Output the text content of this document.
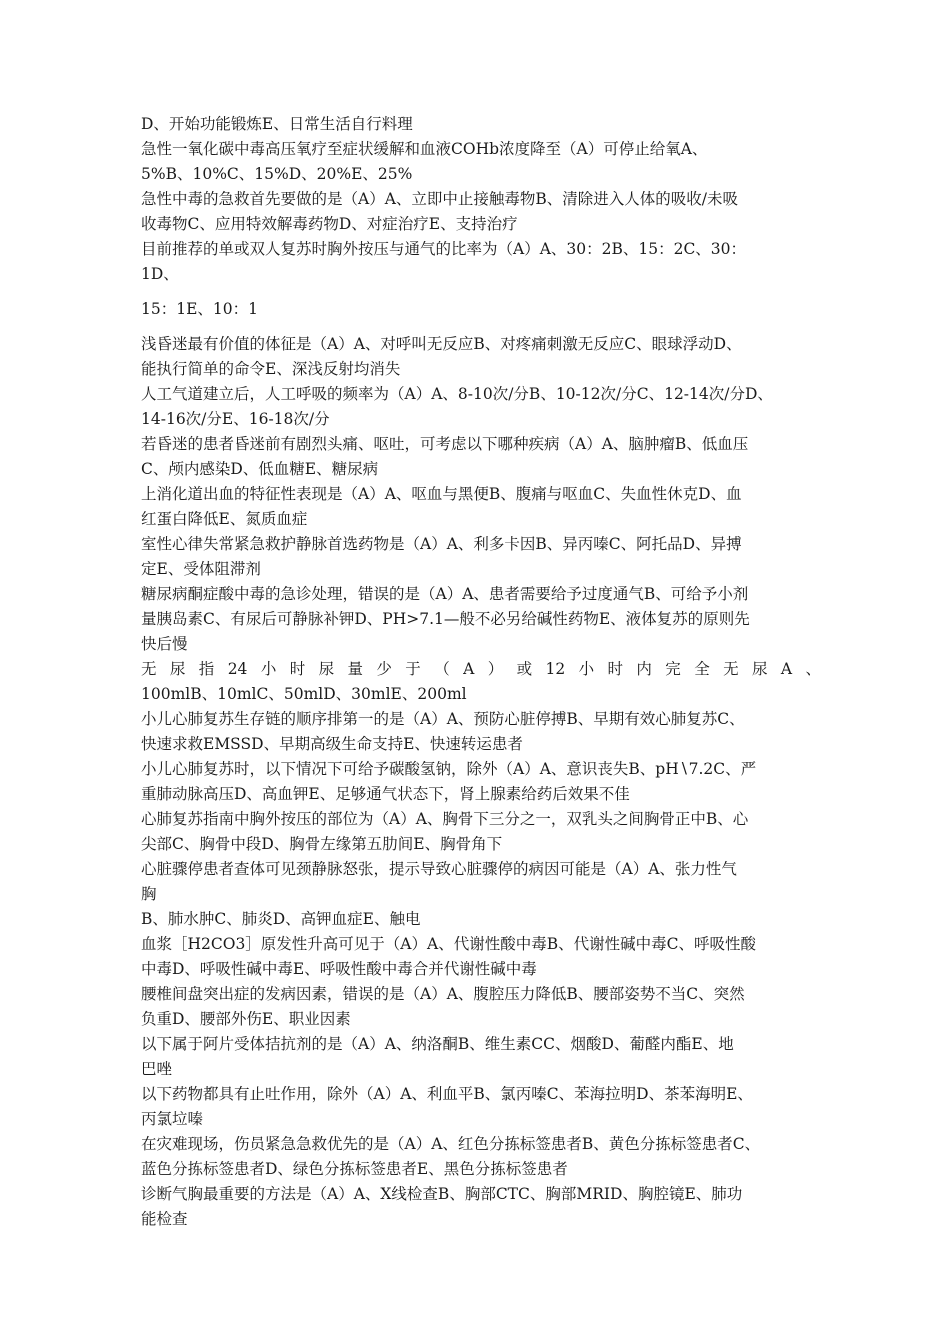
D、开始功能锻炼E、日常生活自行料理

急性一氧化碳中毒高压氧疗至症状缓解和血液COHb浓度降至（A）可停止给氧A、

5%B、10%C、15%D、20%E、25%

急性中毒的急救首先要做的是（A）A、立即中止接触毒物B、清除进入人体的吸收/未吸

收毒物C、应用特效解毒药物D、对症治疗E、支持治疗

目前推荐的单或双人复苏时胸外按压与通气的比率为（A）A、30：2B、15：2C、30：

1D、

15：1E、10：1

浅昏迷最有价值的体征是（A）A、对呼叫无反应B、对疼痛刺激无反应C、眼球浮动D、

能执行简单的命令E、深浅反射均消失

人工气道建立后，人工呼吸的频率为（A）A、8-10次/分B、10-12次/分C、12-14次/分D、

14-16次/分E、16-18次/分

若昏迷的患者昏迷前有剧烈头痛、呕吐，可考虑以下哪种疾病（A）A、脑肿瘤B、低血压

C、颅内感染D、低血糖E、糖尿病

上消化道出血的特征性表现是（A）A、呕血与黑便B、腹痛与呕血C、失血性休克D、血

红蛋白降低E、氮质血症

室性心律失常紧急救护静脉首选药物是（A）A、利多卡因B、异丙嗪C、阿托品D、异搏

定E、受体阻滞剂

糖尿病酮症酸中毒的急诊处理，错误的是（A）A、患者需要给予过度通气B、可给予小剂

量胰岛素C、有尿后可静脉补钾D、PH>7.1—般不必另给碱性药物E、液体复苏的原则先

快后慢

无尿指24小时尿量少于（A）或12小时内完全无尿A、

100mlB、10mlC、50mlD、30mlE、200ml

小儿心肺复苏生存链的顺序排第一的是（A）A、预防心脏停搏B、早期有效心肺复苏C、

快速求救EMSSD、早期高级生命支持E、快速转运患者

小儿心肺复苏时，以下情况下可给予碳酸氢钠，除外（A）A、意识丧失B、pH∖7.2C、严

重肺动脉高压D、高血钾E、足够通气状态下，肾上腺素给药后效果不佳

心肺复苏指南中胸外按压的部位为（A）A、胸骨下三分之一，双乳头之间胸骨正中B、心

尖部C、胸骨中段D、胸骨左缘第五肋间E、胸骨角下

心脏骤停患者查体可见颈静脉怒张，提示导致心脏骤停的病因可能是（A）A、张力性气

胸

B、肺水肿C、肺炎D、高钾血症E、触电

血浆［H2CO3］原发性升高可见于（A）A、代谢性酸中毒B、代谢性碱中毒C、呼吸性酸

中毒D、呼吸性碱中毒E、呼吸性酸中毒合并代谢性碱中毒

腰椎间盘突出症的发病因素，错误的是（A）A、腹腔压力降低B、腰部姿势不当C、突然

负重D、腰部外伤E、职业因素

以下属于阿片受体拮抗剂的是（A）A、纳洛酮B、维生素CC、烟酸D、葡醛内酯E、地

巴唑

以下药物都具有止吐作用，除外（A）A、利血平B、氯丙嗪C、苯海拉明D、茶苯海明E、

丙氯垃嗪

在灾难现场，伤员紧急急救优先的是（A）A、红色分拣标签患者B、黄色分拣标签患者C、

蓝色分拣标签患者D、绿色分拣标签患者E、黑色分拣标签患者

诊断气胸最重要的方法是（A）A、X线检查B、胸部CTC、胸部MRID、胸腔镜E、肺功

能检查
